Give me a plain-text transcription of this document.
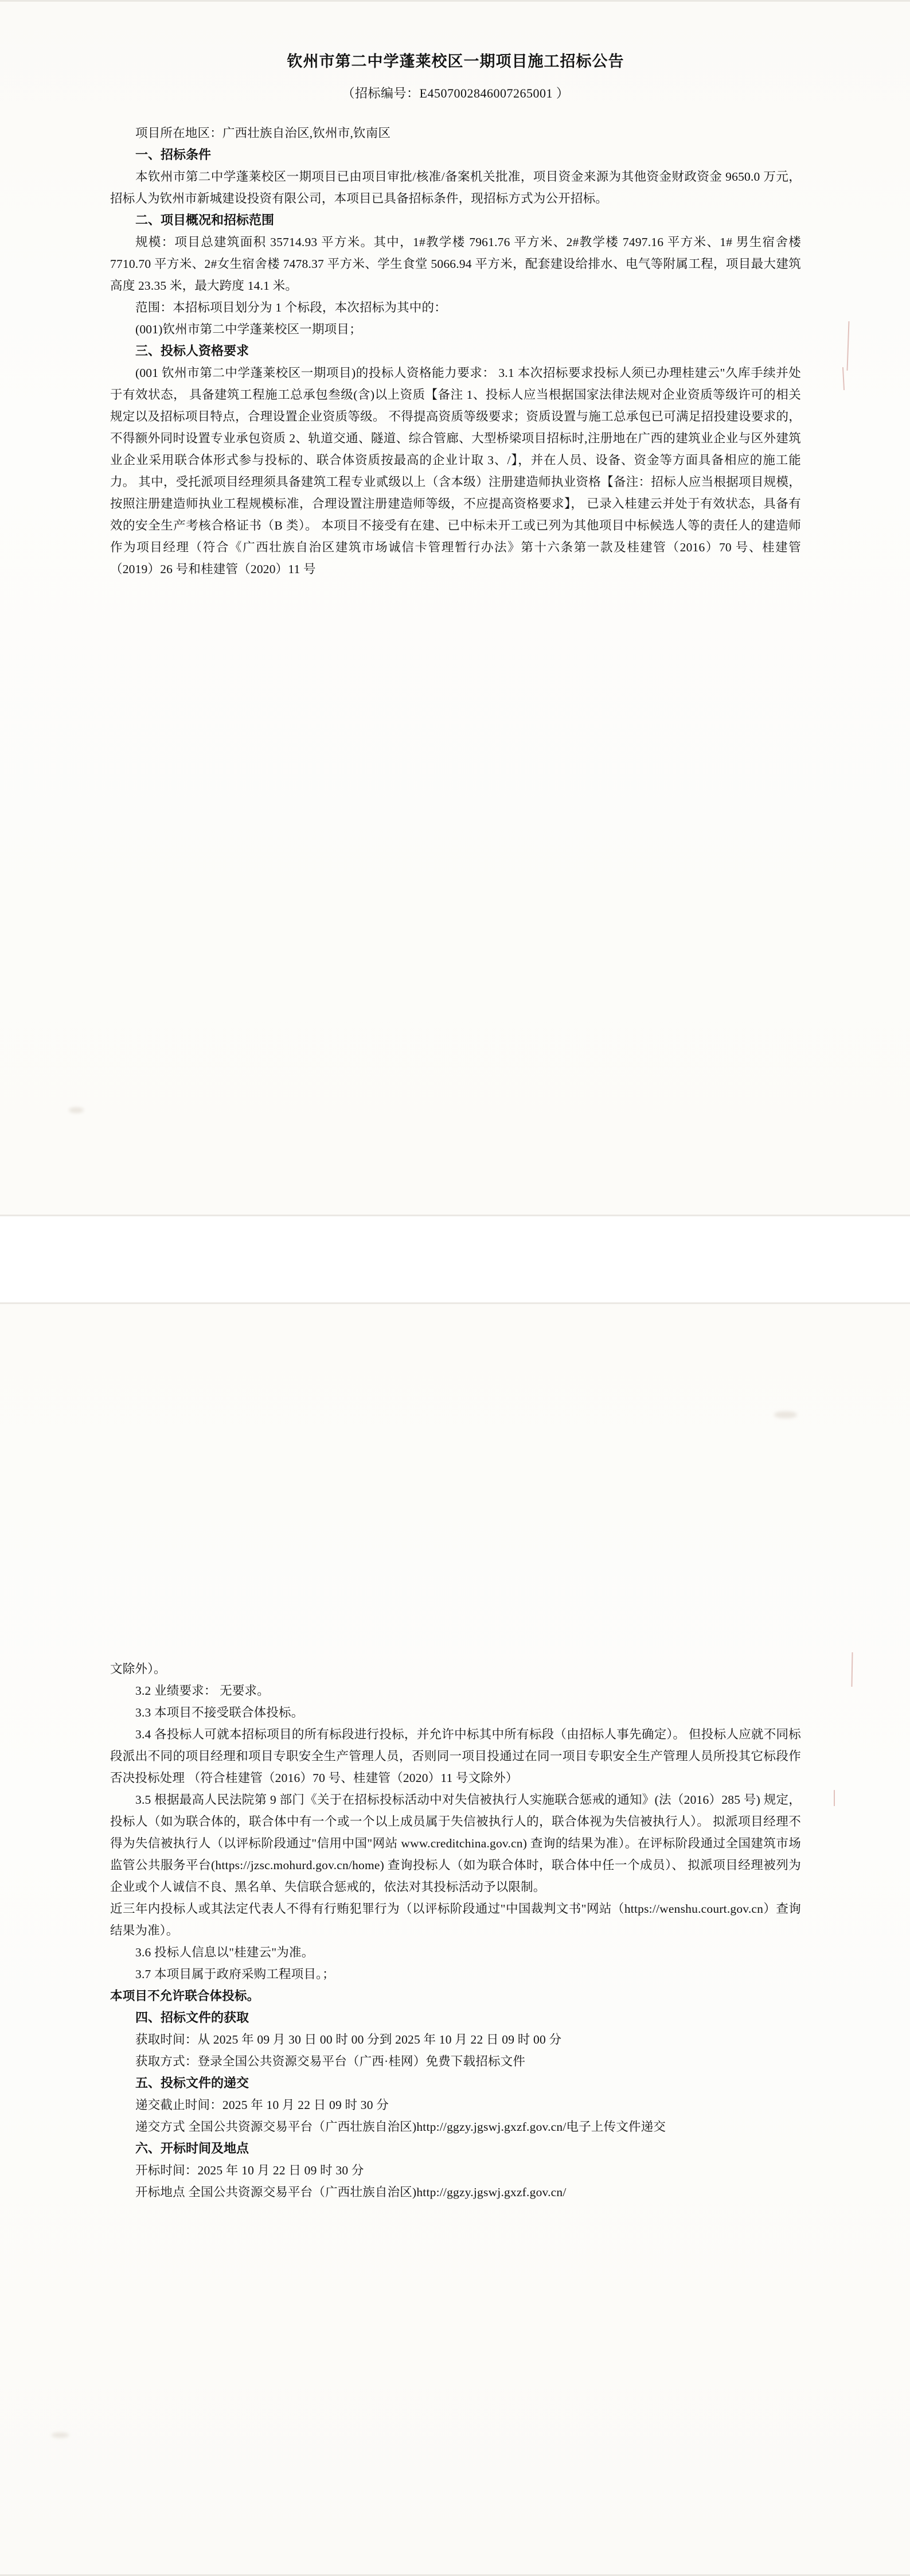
钦州市第二中学蓬莱校区一期项目施工招标公告
（招标编号：E4507002846007265001 ）

项目所在地区：广西壮族自治区,钦州市,钦南区

一、招标条件

本钦州市第二中学蓬莱校区一期项目已由项目审批/核准/备案机关批准，项目资金来源为其他资金财政资金 9650.0 万元，招标人为钦州市新城建设投资有限公司，本项目已具备招标条件，现招标方式为公开招标。

二、项目概况和招标范围

规模：项目总建筑面积 35714.93 平方米。其中，1#教学楼 7961.76 平方米、2#教学楼 7497.16 平方米、1# 男生宿舍楼 7710.70 平方米、2#女生宿舍楼 7478.37 平方米、学生食堂 5066.94 平方米，配套建设给排水、电气等附属工程，项目最大建筑高度 23.35 米，最大跨度 14.1 米。

范围：本招标项目划分为 1 个标段，本次招标为其中的：

(001)钦州市第二中学蓬莱校区一期项目；

三、投标人资格要求

(001 钦州市第二中学蓬莱校区一期项目)的投标人资格能力要求： 3.1 本次招标要求投标人须已办理桂建云"久库手续并处于有效状态， 具备建筑工程施工总承包叁级(含)以上资质【备注 1、投标人应当根据国家法律法规对企业资质等级许可的相关规定以及招标项目特点，合理设置企业资质等级。 不得提高资质等级要求；资质设置与施工总承包已可满足招投建设要求的，不得额外同时设置专业承包资质 2、轨道交通、隧道、综合管廊、大型桥梁项目招标时,注册地在广西的建筑业企业与区外建筑业企业采用联合体形式参与投标的、联合体资质按最高的企业计取 3、/】，并在人员、设备、资金等方面具备相应的施工能力。 其中，受托派项目经理须具备建筑工程专业贰级以上（含本级）注册建造师执业资格【备注：招标人应当根据项目规模，按照注册建造师执业工程规模标准，合理设置注册建造师等级，不应提高资格要求】， 已录入桂建云并处于有效状态，具备有效的安全生产考核合格证书（B 类）。 本项目不接受有在建、已中标未开工或已列为其他项目中标候选人等的责任人的建造师作为项目经理（符合《广西壮族自治区建筑市场诚信卡管理暂行办法》第十六条第一款及桂建管（2016）70 号、桂建管（2019）26 号和桂建管（2020）11 号

文除外）。

3.2 业绩要求： 无要求。

3.3 本项目不接受联合体投标。

3.4 各投标人可就本招标项目的所有标段进行投标，并允许中标其中所有标段（由招标人事先确定）。 但投标人应就不同标段派出不同的项目经理和项目专职安全生产管理人员，否则同一项目投通过在同一项目专职安全生产管理人员所投其它标段作否决投标处理 （符合桂建管（2016）70 号、桂建管（2020）11 号文除外）

3.5 根据最高人民法院第 9 部门《关于在招标投标活动中对失信被执行人实施联合惩戒的通知》(法（2016）285 号) 规定， 投标人（如为联合体的，联合体中有一个或一个以上成员属于失信被执行人的，联合体视为失信被执行人）。 拟派项目经理不得为失信被执行人（以评标阶段通过"信用中国"网站 www.creditchina.gov.cn) 查询的结果为准）。在评标阶段通过全国建筑市场监管公共服务平台(https://jzsc.mohurd.gov.cn/home) 查询投标人（如为联合体时，联合体中任一个成员）、 拟派项目经理被列为企业或个人诚信不良、黑名单、失信联合惩戒的，依法对其投标活动予以限制。

近三年内投标人或其法定代表人不得有行贿犯罪行为（以评标阶段通过"中国裁判文书"网站（https://wenshu.court.gov.cn）查询结果为准）。

3.6 投标人信息以"桂建云"为准。

3.7 本项目属于政府采购工程项目。；

本项目不允许联合体投标。

四、招标文件的获取

获取时间：从 2025 年 09 月 30 日 00 时 00 分到 2025 年 10 月 22 日 09 时 00 分

获取方式：登录全国公共资源交易平台（广西·桂网）免费下载招标文件

五、投标文件的递交

递交截止时间：2025 年 10 月 22 日 09 时 30 分

递交方式 全国公共资源交易平台（广西壮族自治区)http://ggzy.jgswj.gxzf.gov.cn/电子上传文件递交

六、开标时间及地点

开标时间：2025 年 10 月 22 日 09 时 30 分

开标地点 全国公共资源交易平台（广西壮族自治区)http://ggzy.jgswj.gxzf.gov.cn/
